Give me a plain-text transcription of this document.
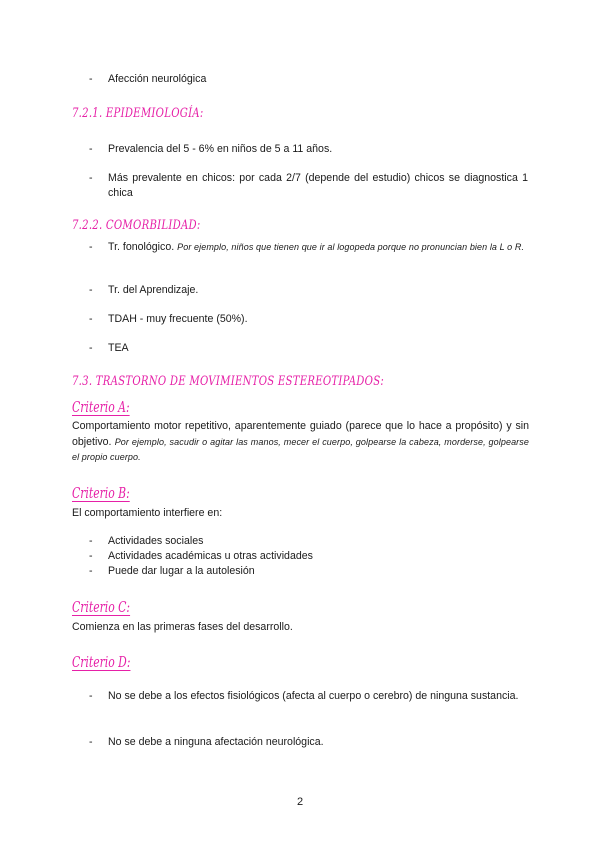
- Afección neurológica
7.2.1. EPIDEMIOLOGÍA:
- Prevalencia del 5 - 6% en niños de 5 a 11 años.
- Más prevalente en chicos: por cada 2/7 (depende del estudio) chicos se diagnostica 1 chica
7.2.2. COMORBILIDAD:
- Tr. fonológico. Por ejemplo, niños que tienen que ir al logopeda porque no pronuncian bien la L o R.
- Tr. del Aprendizaje.
- TDAH - muy frecuente (50%).
- TEA
7.3. TRASTORNO DE MOVIMIENTOS ESTEREOTIPADOS:
Criterio A:
Comportamiento motor repetitivo, aparentemente guiado (parece que lo hace a propósito) y sin objetivo. Por ejemplo, sacudir o agitar las manos, mecer el cuerpo, golpearse la cabeza, morderse, golpearse el propio cuerpo.
Criterio B:
El comportamiento interfiere en:
- Actividades sociales
- Actividades académicas u otras actividades
- Puede dar lugar a la autolesión
Criterio C:
Comienza en las primeras fases del desarrollo.
Criterio D:
- No se debe a los efectos fisiológicos (afecta al cuerpo o cerebro) de ninguna sustancia.
- No se debe a ninguna afectación neurológica.
2
